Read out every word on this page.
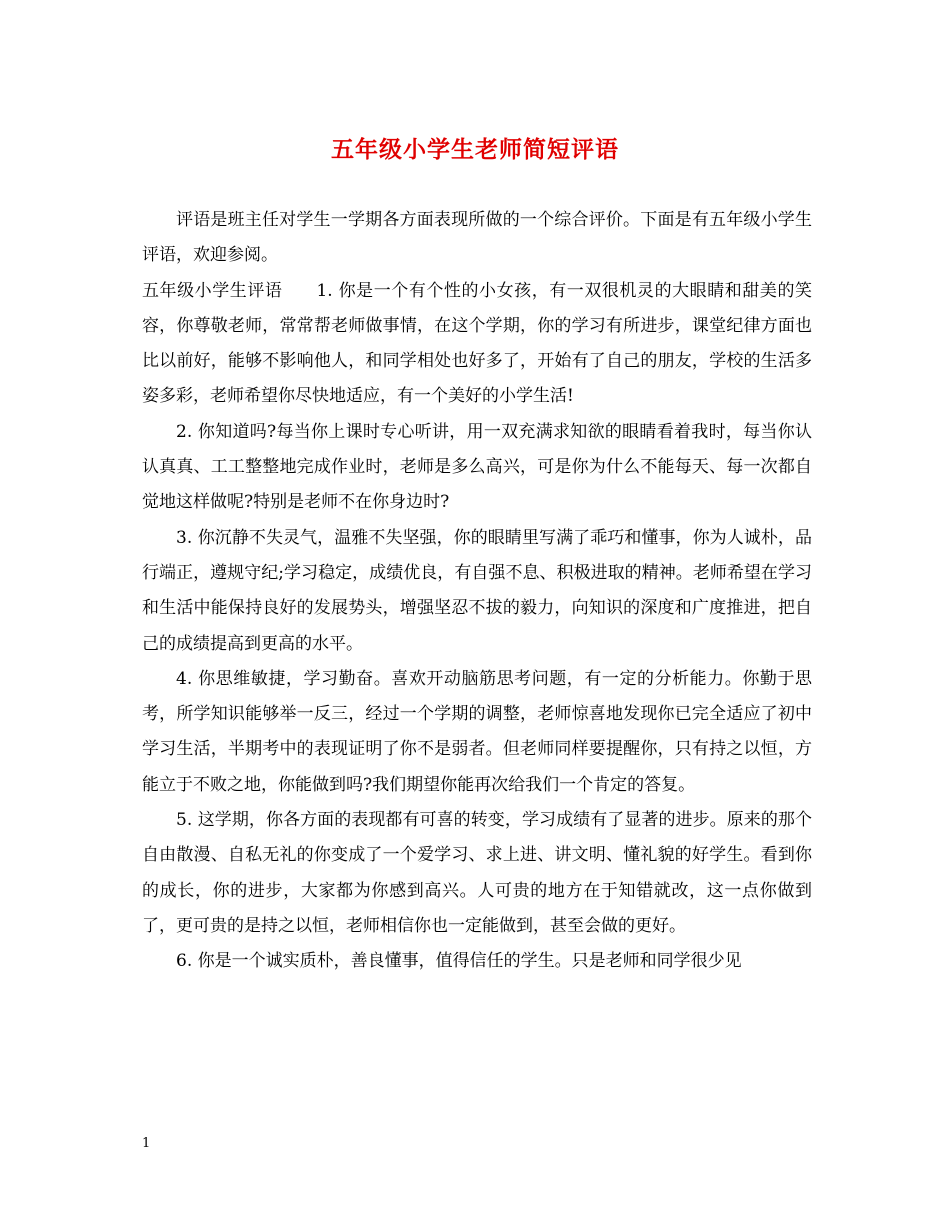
五年级小学生老师简短评语

评语是班主任对学生一学期各方面表现所做的一个综合评价。下面是有五年级小学生评语，欢迎参阅。

五年级小学生评语 1. 你是一个有个性的小女孩，有一双很机灵的大眼睛和甜美的笑容，你尊敬老师，常常帮老师做事情，在这个学期，你的学习有所进步，课堂纪律方面也比以前好，能够不影响他人，和同学相处也好多了，开始有了自己的朋友，学校的生活多姿多彩，老师希望你尽快地适应，有一个美好的小学生活!

2. 你知道吗?每当你上课时专心听讲，用一双充满求知欲的眼睛看着我时，每当你认认真真、工工整整地完成作业时，老师是多么高兴，可是你为什么不能每天、每一次都自觉地这样做呢?特别是老师不在你身边时?

3. 你沉静不失灵气，温雅不失坚强，你的眼睛里写满了乖巧和懂事，你为人诚朴，品行端正，遵规守纪;学习稳定，成绩优良，有自强不息、积极进取的精神。老师希望在学习和生活中能保持良好的发展势头，增强坚忍不拔的毅力，向知识的深度和广度推进，把自己的成绩提高到更高的水平。

4. 你思维敏捷，学习勤奋。喜欢开动脑筋思考问题，有一定的分析能力。你勤于思考，所学知识能够举一反三，经过一个学期的调整，老师惊喜地发现你已完全适应了初中学习生活，半期考中的表现证明了你不是弱者。但老师同样要提醒你，只有持之以恒，方能立于不败之地，你能做到吗?我们期望你能再次给我们一个肯定的答复。

5. 这学期，你各方面的表现都有可喜的转变，学习成绩有了显著的进步。原来的那个自由散漫、自私无礼的你变成了一个爱学习、求上进、讲文明、懂礼貌的好学生。看到你的成长，你的进步，大家都为你感到高兴。人可贵的地方在于知错就改，这一点你做到了，更可贵的是持之以恒，老师相信你也一定能做到，甚至会做的更好。

6. 你是一个诚实质朴，善良懂事，值得信任的学生。只是老师和同学很少见

1
